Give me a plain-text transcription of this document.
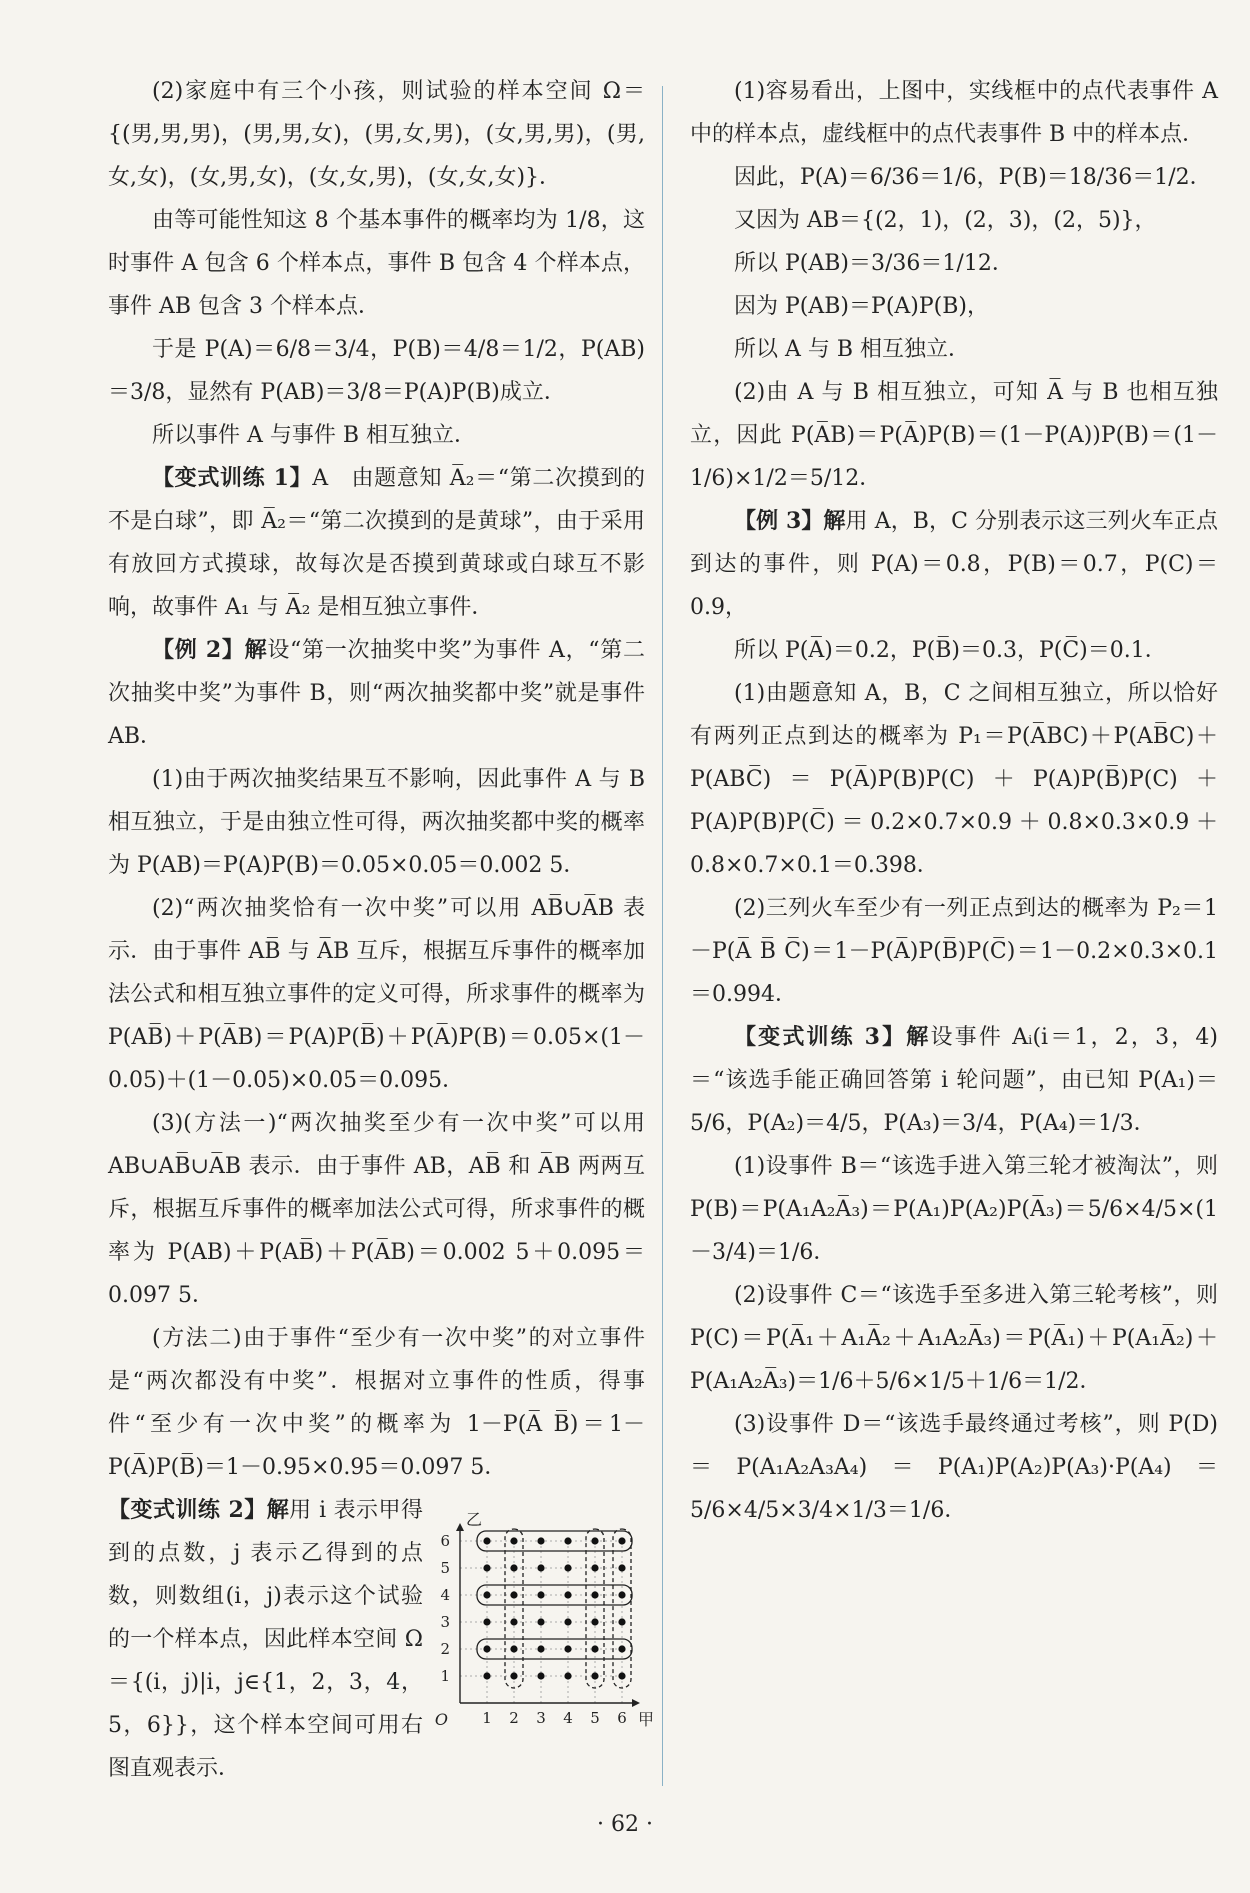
(2)家庭中有三个小孩，则试验的样本空间 Ω＝{(男,男,男)，(男,男,女)，(男,女,男)，(女,男,男)，(男,女,女)，(女,男,女)，(女,女,男)，(女,女,女)}．

由等可能性知这 8 个基本事件的概率均为 1/8，这时事件 A 包含 6 个样本点，事件 B 包含 4 个样本点，事件 AB 包含 3 个样本点．

于是 P(A)＝6/8＝3/4，P(B)＝4/8＝1/2，P(AB)＝3/8，显然有 P(AB)＝3/8＝P(A)P(B)成立．

所以事件 A 与事件 B 相互独立．

【变式训练 1】A　由题意知 A̅₂＝“第二次摸到的不是白球”，即 A̅₂＝“第二次摸到的是黄球”，由于采用有放回方式摸球，故每次是否摸到黄球或白球互不影响，故事件 A₁ 与 A̅₂ 是相互独立事件．

【例 2】解设“第一次抽奖中奖”为事件 A，“第二次抽奖中奖”为事件 B，则“两次抽奖都中奖”就是事件 AB．

(1)由于两次抽奖结果互不影响，因此事件 A 与 B 相互独立，于是由独立性可得，两次抽奖都中奖的概率为 P(AB)＝P(A)P(B)＝0.05×0.05＝0.002 5．

(2)“两次抽奖恰有一次中奖”可以用 AB̅∪A̅B 表示．由于事件 AB̅ 与 A̅B 互斥，根据互斥事件的概率加法公式和相互独立事件的定义可得，所求事件的概率为 P(AB̅)＋P(A̅B)＝P(A)P(B̅)＋P(A̅)P(B)＝0.05×(1－0.05)＋(1－0.05)×0.05＝0.095．

(3)(方法一)“两次抽奖至少有一次中奖”可以用 AB∪AB̅∪A̅B 表示．由于事件 AB，AB̅ 和 A̅B 两两互斥，根据互斥事件的概率加法公式可得，所求事件的概率为 P(AB)＋P(AB̅)＋P(A̅B)＝0.002 5＋0.095＝0.097 5．

(方法二)由于事件“至少有一次中奖”的对立事件是“两次都没有中奖”．根据对立事件的性质，得事件“至少有一次中奖”的概率为 1－P(A̅ B̅)＝1－P(A̅)P(B̅)＝1－0.95×0.95＝0.097 5．

【变式训练 2】解用 i 表示甲得到的点数，j 表示乙得到的点数，则数组(i，j)表示这个试验的一个样本点，因此样本空间 Ω＝{(i，j)|i，j∈{1，2，3，4，5，6}}，这个样本空间可用右图直观表示．

1 2 3 4 5 6
1
2
3
4
5
6
O	甲
乙

(1)容易看出，上图中，实线框中的点代表事件 A 中的样本点，虚线框中的点代表事件 B 中的样本点．

因此，P(A)＝6/36＝1/6，P(B)＝18/36＝1/2．

又因为 AB＝{(2，1)，(2，3)，(2，5)}，

所以 P(AB)＝3/36＝1/12．

因为 P(AB)＝P(A)P(B)，

所以 A 与 B 相互独立．

(2)由 A 与 B 相互独立，可知 A̅ 与 B 也相互独立，因此 P(A̅B)＝P(A̅)P(B)＝(1－P(A))P(B)＝(1－1/6)×1/2＝5/12．

【例 3】解用 A，B，C 分别表示这三列火车正点到达的事件，则 P(A)＝0.8，P(B)＝0.7，P(C)＝0.9，

所以 P(A̅)＝0.2，P(B̅)＝0.3，P(C̅)＝0.1．

(1)由题意知 A，B，C 之间相互独立，所以恰好有两列正点到达的概率为 P₁＝P(A̅BC)＋P(AB̅C)＋P(ABC̅)＝P(A̅)P(B)P(C)＋P(A)P(B̅)P(C)＋P(A)P(B)P(C̅)＝0.2×0.7×0.9＋0.8×0.3×0.9＋0.8×0.7×0.1＝0.398．

(2)三列火车至少有一列正点到达的概率为 P₂＝1－P(A̅ B̅ C̅)＝1－P(A̅)P(B̅)P(C̅)＝1－0.2×0.3×0.1＝0.994．

【变式训练 3】解设事件 Aᵢ(i＝1，2，3，4)＝“该选手能正确回答第 i 轮问题”，由已知 P(A₁)＝5/6，P(A₂)＝4/5，P(A₃)＝3/4，P(A₄)＝1/3．

(1)设事件 B＝“该选手进入第三轮才被淘汰”，则 P(B)＝P(A₁A₂A̅₃)＝P(A₁)P(A₂)P(A̅₃)＝5/6×4/5×(1－3/4)＝1/6．

(2)设事件 C＝“该选手至多进入第三轮考核”，则 P(C)＝P(A̅₁＋A₁A̅₂＋A₁A₂A̅₃)＝P(A̅₁)＋P(A₁A̅₂)＋P(A₁A₂A̅₃)＝1/6＋5/6×1/5＋1/6＝1/2．

(3)设事件 D＝“该选手最终通过考核”，则 P(D)＝P(A₁A₂A₃A₄)＝P(A₁)P(A₂)P(A₃)·P(A₄)＝5/6×4/5×3/4×1/3＝1/6．

· 62 ·
